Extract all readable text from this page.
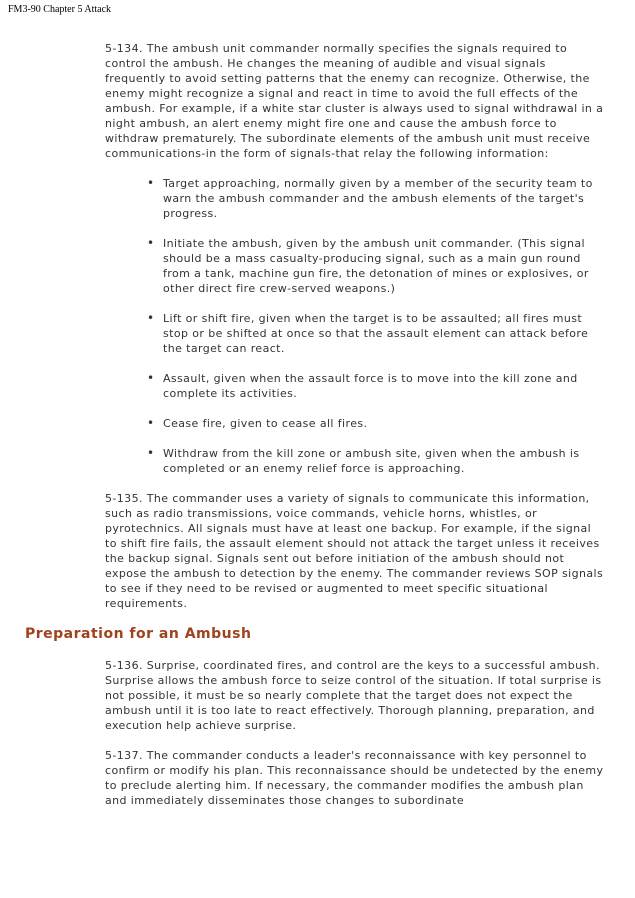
FM3-90 Chapter 5 Attack

5-134. The ambush unit commander normally specifies the signals required to control the ambush. He changes the meaning of audible and visual signals frequently to avoid setting patterns that the enemy can recognize. Otherwise, the enemy might recognize a signal and react in time to avoid the full effects of the ambush. For example, if a white star cluster is always used to signal withdrawal in a night ambush, an alert enemy might fire one and cause the ambush force to withdraw prematurely. The subordinate elements of the ambush unit must receive communications-in the form of signals-that relay the following information:

• Target approaching, normally given by a member of the security team to warn the ambush commander and the ambush elements of the target's progress.
• Initiate the ambush, given by the ambush unit commander. (This signal should be a mass casualty-producing signal, such as a main gun round from a tank, machine gun fire, the detonation of mines or explosives, or other direct fire crew-served weapons.)
• Lift or shift fire, given when the target is to be assaulted; all fires must stop or be shifted at once so that the assault element can attack before the target can react.
• Assault, given when the assault force is to move into the kill zone and complete its activities.
• Cease fire, given to cease all fires.
• Withdraw from the kill zone or ambush site, given when the ambush is completed or an enemy relief force is approaching.

5-135. The commander uses a variety of signals to communicate this information, such as radio transmissions, voice commands, vehicle horns, whistles, or pyrotechnics. All signals must have at least one backup. For example, if the signal to shift fire fails, the assault element should not attack the target unless it receives the backup signal. Signals sent out before initiation of the ambush should not expose the ambush to detection by the enemy. The commander reviews SOP signals to see if they need to be revised or augmented to meet specific situational requirements.

Preparation for an Ambush

5-136. Surprise, coordinated fires, and control are the keys to a successful ambush. Surprise allows the ambush force to seize control of the situation. If total surprise is not possible, it must be so nearly complete that the target does not expect the ambush until it is too late to react effectively. Thorough planning, preparation, and execution help achieve surprise.

5-137. The commander conducts a leader's reconnaissance with key personnel to confirm or modify his plan. This reconnaissance should be undetected by the enemy to preclude alerting him. If necessary, the commander modifies the ambush plan and immediately disseminates those changes to subordinate
